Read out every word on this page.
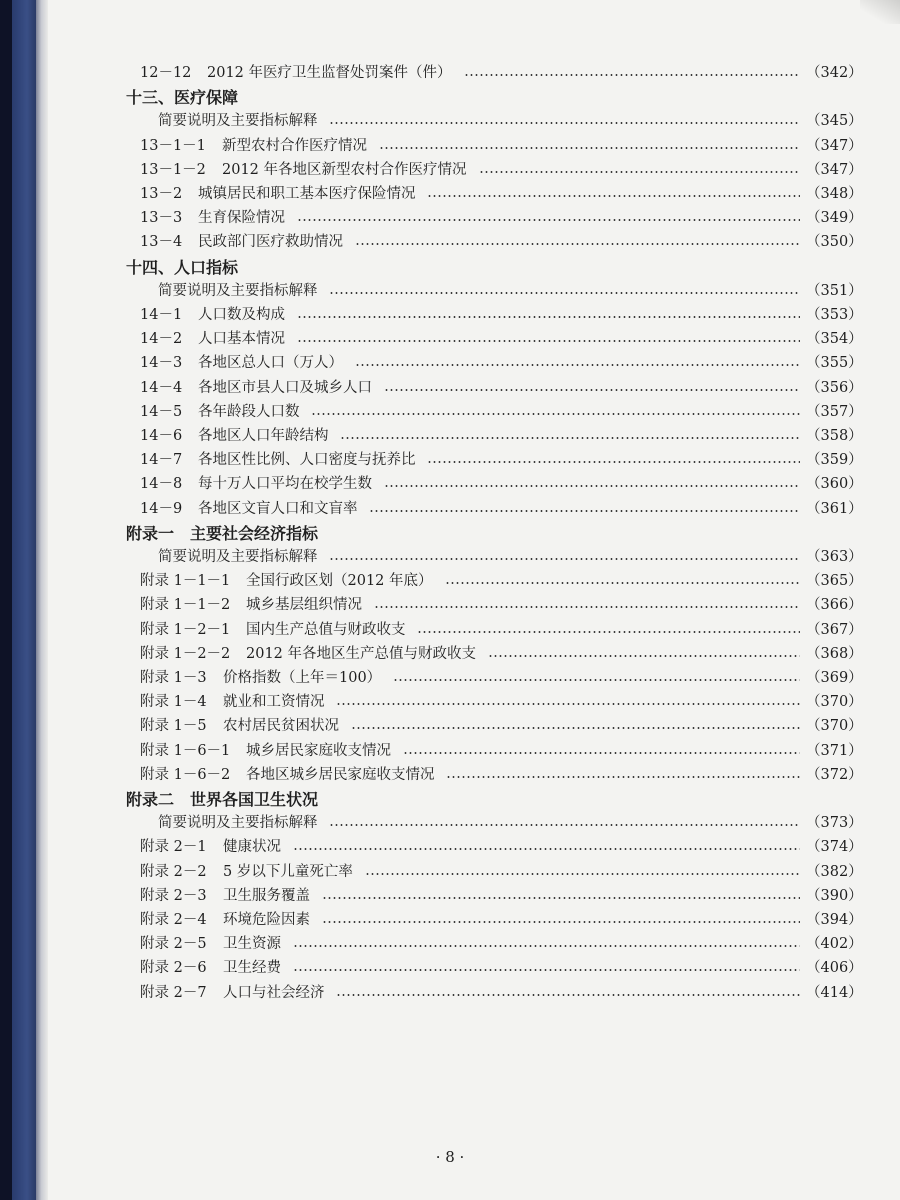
12－12 2012 年医疗卫生监督处罚案件（件）	（342）
十三、医疗保障
简要说明及主要指标解释	（345）
13－1－1 新型农村合作医疗情况	（347）
13－1－2 2012 年各地区新型农村合作医疗情况	（347）
13－2 城镇居民和职工基本医疗保险情况	（348）
13－3 生育保险情况	（349）
13－4 民政部门医疗救助情况	（350）
十四、人口指标
简要说明及主要指标解释	（351）
14－1 人口数及构成	（353）
14－2 人口基本情况	（354）
14－3 各地区总人口（万人）	（355）
14－4 各地区市县人口及城乡人口	（356）
14－5 各年龄段人口数	（357）
14－6 各地区人口年龄结构	（358）
14－7 各地区性比例、人口密度与抚养比	（359）
14－8 每十万人口平均在校学生数	（360）
14－9 各地区文盲人口和文盲率	（361）
附录一　主要社会经济指标
简要说明及主要指标解释	（363）
附录 1－1－1 全国行政区划（2012 年底）	（365）
附录 1－1－2 城乡基层组织情况	（366）
附录 1－2－1 国内生产总值与财政收支	（367）
附录 1－2－2 2012 年各地区生产总值与财政收支	（368）
附录 1－3 价格指数（上年＝100）	（369）
附录 1－4 就业和工资情况	（370）
附录 1－5 农村居民贫困状况	（370）
附录 1－6－1 城乡居民家庭收支情况	（371）
附录 1－6－2 各地区城乡居民家庭收支情况	（372）
附录二　世界各国卫生状况
简要说明及主要指标解释	（373）
附录 2－1 健康状况	（374）
附录 2－2 5 岁以下儿童死亡率	（382）
附录 2－3 卫生服务覆盖	（390）
附录 2－4 环境危险因素	（394）
附录 2－5 卫生资源	（402）
附录 2－6 卫生经费	（406）
附录 2－7 人口与社会经济	（414）
· 8 ·
